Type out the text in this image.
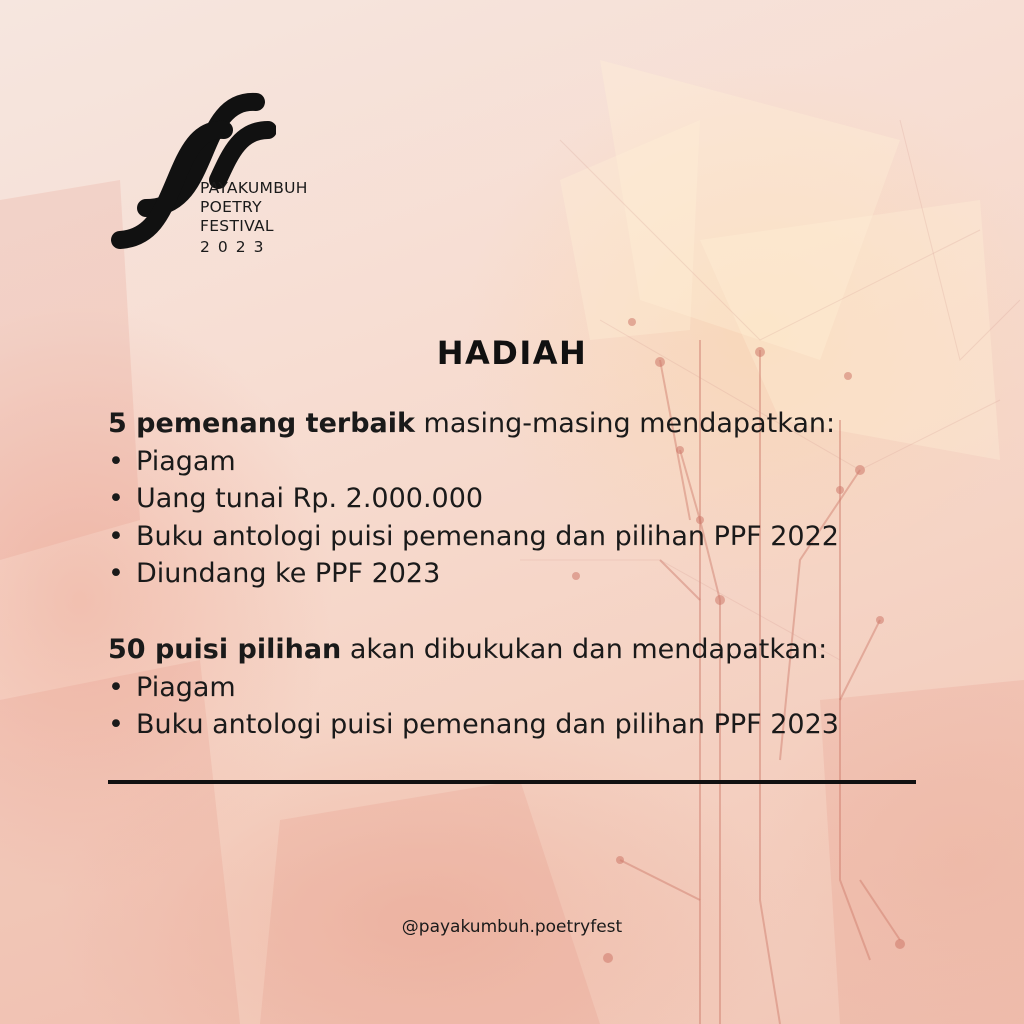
PAYAKUMBUH
POETRY
FESTIVAL
2023
HADIAH

5 pemenang terbaik masing-masing mendapatkan:

• Piagam
• Uang tunai Rp. 2.000.000
• Buku antologi puisi pemenang dan pilihan PPF 2022
• Diundang ke PPF 2023

50 puisi pilihan akan dibukukan dan mendapatkan:

• Piagam
• Buku antologi puisi pemenang dan pilihan PPF 2023
@payakumbuh.poetryfest
